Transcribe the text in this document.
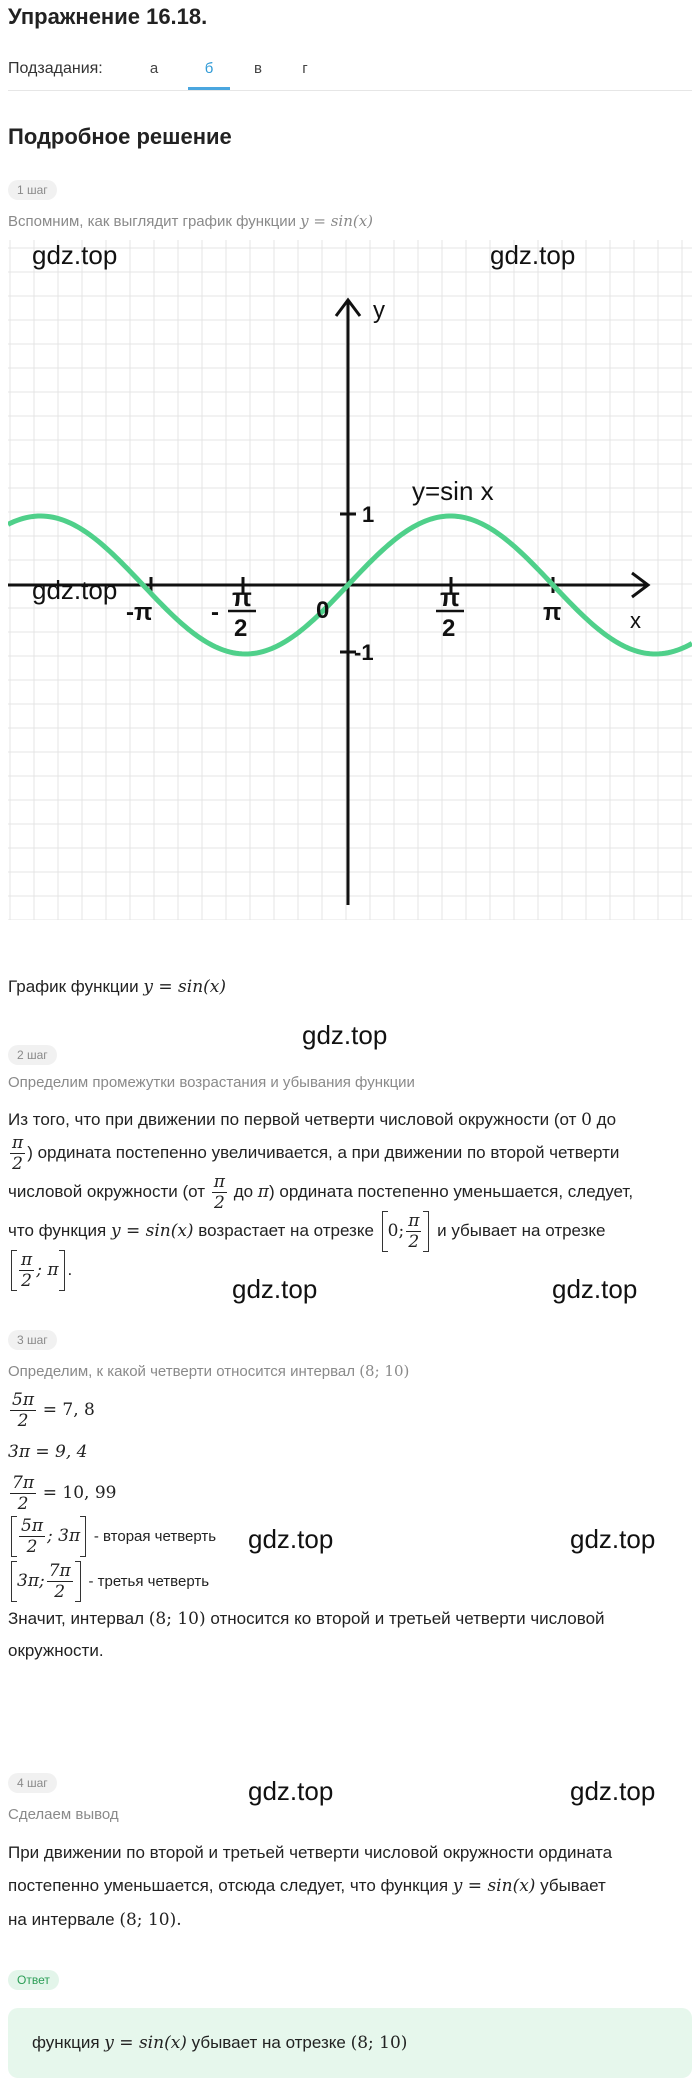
Упражнение 16.18.
Подзадания:	а	б	в	г
Подробное решение
1 шаг
Вспомним, как выглядит график функции y = sin(x)
y
x
y=sin x
1
-1
0
-π -
π
2
π
2
π
gdz.top	gdz.top
gdz.top
График функции y = sin(x)
gdz.top
2 шаг
Определим промежутки возрастания и убывания функции
Из того, что при движении по первой четверти числовой окружности (от 0 до
$\frac{\pi}{2}$ ) ордината постепенно увеличивается, а при движении по второй четверти
числовой окружности ($от \frac{\pi}{2}$ до π) ордината постепенно уменьшается, следует,
что функция y = sin(x) возрастает на отрезке 0; $\frac{\pi}{2}$ и убывает на отрезке
$\frac{\pi}{2}$ ; π .
gdz.top	gdz.top
3 шаг
Определим, к какой четверти относится интервал (8; 10)
$\frac{5\pi}{2} = 7$, 8
3π = 9, 4
$\frac{7\pi}{2} = 10$, 99
$\frac{5\pi}{2}$ ; 3π - вторая четверть
3π; $\frac{7\pi}{2}$ - третья четверть
Значит, интервал (8; 10) относится ко второй и третьей четверти числовой
окружности.
gdz.top	gdz.top
gdz.top	gdz.top
4 шаг
Сделаем вывод
При движении по второй и третьей четверти числовой окружности ордината
постепенно уменьшается, отсюда следует, что функция y = sin(x) убывает
на интервале (8; 10).
Ответ
функция y = sin(x) убывает на отрезке (8; 10)
